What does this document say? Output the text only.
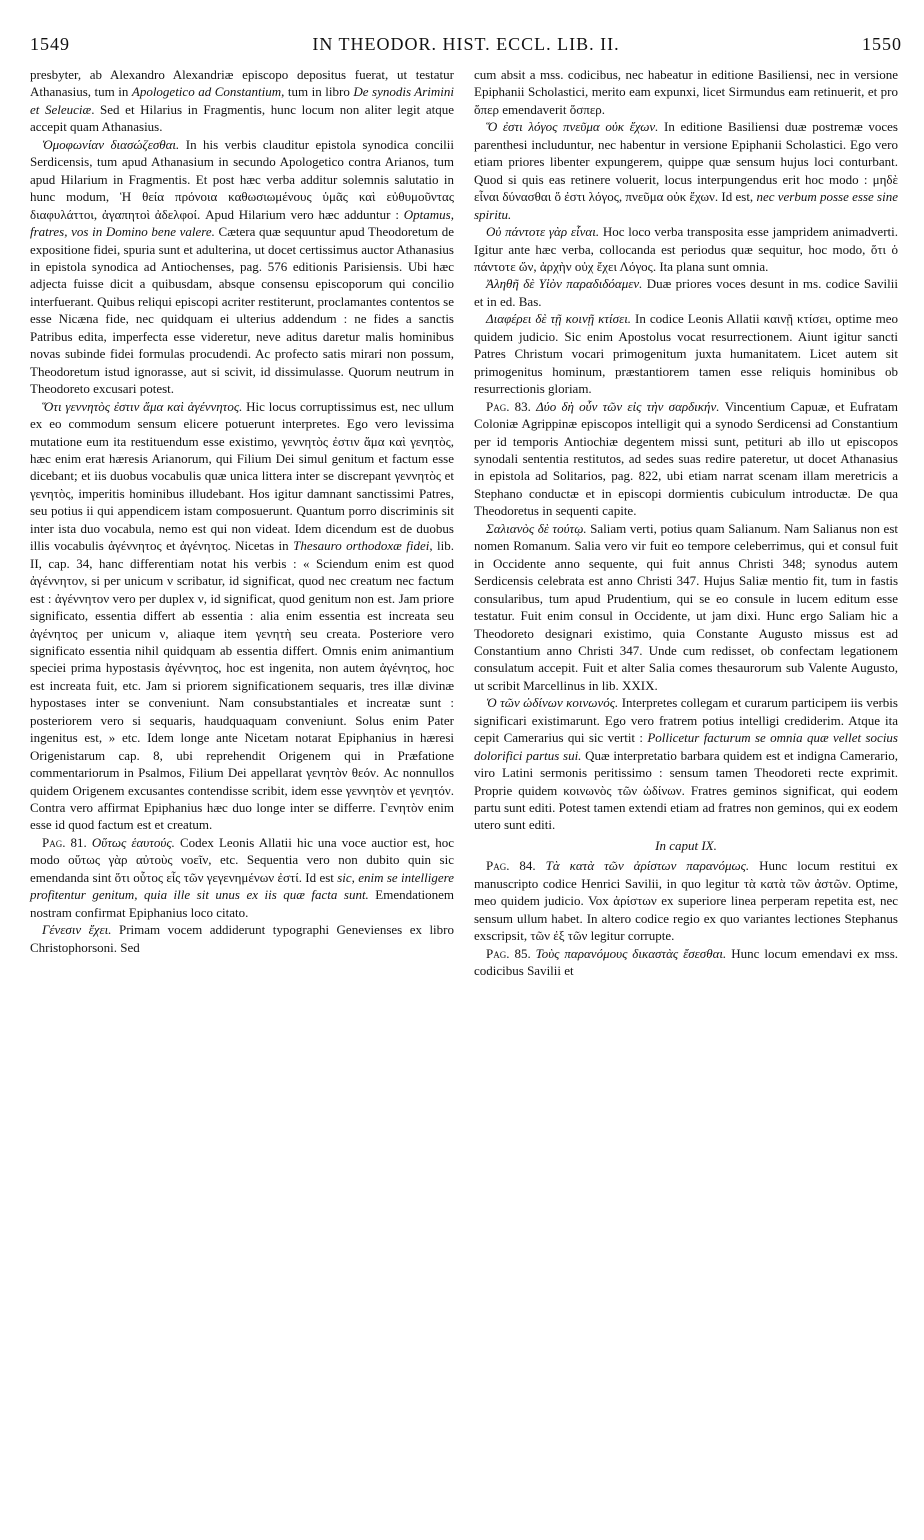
1549	IN THEODOR. HIST. ECCL. LIB. II.	1550

presbyter, ab Alexandro Alexandriæ episcopo depositus fuerat, ut testatur Athanasius, tum in Apologetico ad Constantium, tum in libro De synodis Arimini et Seleuciæ. Sed et Hilarius in Fragmentis, hunc locum non aliter legit atque accepit quam Athanasius.

Ὁμοφωνίαν διασώζεσθαι. In his verbis clauditur epistola synodica concilii Serdicensis, tum apud Athanasium in secundo Apologetico contra Arianos, tum apud Hilarium in Fragmentis. Et post hæc verba additur solemnis salutatio in hunc modum, Ἡ θεία πρόνοια καθωσιωμένους ὑμᾶς καὶ εὐθυμοῦντας διαφυλάττοι, ἀγαπητοὶ ἀδελφοί. Apud Hilarium vero hæc adduntur : Optamus, fratres, vos in Domino bene valere. Cætera quæ sequuntur apud Theodoretum de expositione fidei, spuria sunt et adulterina, ut docet certissimus auctor Athanasius in epistola synodica ad Antiochenses, pag. 576 editionis Parisiensis. Ubi hæc adjecta fuisse dicit a quibusdam, absque consensu episcoporum qui concilio interfuerant. Quibus reliqui episcopi acriter restiterunt, proclamantes contentos se esse Nicæna fide, nec quidquam ei ulterius addendum : ne fides a sanctis Patribus edita, imperfecta esse videretur, neve aditus daretur malis hominibus novas subinde fidei formulas procudendi. Ac profecto satis mirari non possum, Theodoretum istud ignorasse, aut si scivit, id dissimulasse. Quorum neutrum in Theodoreto excusari potest.

Ὅτι γεννητὸς ἐστιν ἅμα καὶ ἀγέννητος. Hic locus corruptissimus est, nec ullum ex eo commodum sensum elicere potuerunt interpretes. Ego vero levissima mutatione eum ita restituendum esse existimo, γεννητὸς ἐστιν ἅμα καὶ γενητὸς, hæc enim erat hæresis Arianorum, qui Filium Dei simul genitum et factum esse dicebant; et iis duobus vocabulis quæ unica littera inter se discrepant γεννητὸς et γενητὸς, imperitis hominibus illudebant. Hos igitur damnant sanctissimi Patres, seu potius ii qui appendicem istam composuerunt. Quantum porro discriminis sit inter ista duo vocabula, nemo est qui non videat. Idem dicendum est de duobus illis vocabulis ἀγέννητος et ἀγένητος. Nicetas in Thesauro orthodoxæ fidei, lib. II, cap. 34, hanc differentiam notat his verbis : « Sciendum enim est quod ἀγέννητον, si per unicum ν scribatur, id significat, quod nec creatum nec factum est : ἀγέννητον vero per duplex ν, id significat, quod genitum non est. Jam priore significato, essentia differt ab essentia : alia enim essentia est increata seu ἀγένητος per unicum ν, aliaque item γενητὴ seu creata. Posteriore vero significato essentia nihil quidquam ab essentia differt. Omnis enim animantium speciei prima hypostasis ἀγέννητος, hoc est ingenita, non autem ἀγένητος, hoc est increata fuit, etc. Jam si priorem significationem sequaris, tres illæ divinæ hypostases inter se conveniunt. Nam consubstantiales et increatæ sunt : posteriorem vero si sequaris, haudquaquam conveniunt. Solus enim Pater ingenitus est, » etc. Idem longe ante Nicetam notarat Epiphanius in hæresi Origenistarum cap. 8, ubi reprehendit Origenem qui in Præfatione commentariorum in Psalmos, Filium Dei appellarat γενητὸν θεόν. Ac nonnullos quidem Origenem excusantes contendisse scribit, idem esse γεννητὸν et γενητόν. Contra vero affirmat Epiphanius hæc duo longe inter se differre. Γενητὸν enim esse id quod factum est et creatum.

Pag. 81. Οὕτως ἑαυτούς. Codex Leonis Allatii hic una voce auctior est, hoc modo οὕτως γὰρ αὐτοὺς νοεῖν, etc. Sequentia vero non dubito quin sic emendanda sint ὅτι οὗτος εἷς τῶν γεγενημένων ἐστί. Id est sic, enim se intelligere profitentur genitum, quia ille sit unus ex iis quæ facta sunt. Emendationem nostram confirmat Epiphanius loco citato.

Γένεσιν ἔχει. Primam vocem addiderunt typographi Genevienses ex libro Christophorsoni. Sed

cum absit a mss. codicibus, nec habeatur in editione Basiliensi, nec in versione Epiphanii Scholastici, merito eam expunxi, licet Sirmundus eam retinuerit, et pro ὅπερ emendaverit ὅσπερ.

Ὅ ἐστι λόγος πνεῦμα οὐκ ἔχων. In editione Basiliensi duæ postremæ voces parenthesi includuntur, nec habentur in versione Epiphanii Scholastici. Ego vero etiam priores libenter expungerem, quippe quæ sensum hujus loci conturbant. Quod si quis eas retinere voluerit, locus interpungendus erit hoc modo : μηδὲ εἶναι δύνασθαι ὅ ἐστι λόγος, πνεῦμα οὐκ ἔχων. Id est, nec verbum posse esse sine spiritu.

Οὐ πάντοτε γὰρ εἶναι. Hoc loco verba transposita esse jampridem animadverti. Igitur ante hæc verba, collocanda est periodus quæ sequitur, hoc modo, ὅτι ὁ πάντοτε ὤν, ἀρχὴν οὐχ ἔχει Λόγος. Ita plana sunt omnia.

Ἀληθῆ δὲ Υἱὸν παραδιδόαμεν. Duæ priores voces desunt in ms. codice Savilii et in ed. Bas.

Διαφέρει δὲ τῇ κοινῇ κτίσει. In codice Leonis Allatii καινῇ κτίσει, optime meo quidem judicio. Sic enim Apostolus vocat resurrectionem. Aiunt igitur sancti Patres Christum vocari primogenitum juxta humanitatem. Licet autem sit primogenitus hominum, præstantiorem tamen esse reliquis hominibus ob resurrectionis gloriam.

Pag. 83. Δύο δὴ οὖν τῶν εἰς τὴν σαρδικήν. Vincentium Capuæ, et Eufratam Coloniæ Agrippinæ episcopos intelligit qui a synodo Serdicensi ad Constantium per id temporis Antiochiæ degentem missi sunt, petituri ab illo ut episcopos synodali sententia restitutos, ad sedes suas redire pateretur, ut docet Athanasius in epistola ad Solitarios, pag. 822, ubi etiam narrat scenam illam meretricis a Stephano conductæ et in episcopi dormientis cubiculum introductæ. De qua Theodoretus in sequenti capite.

Σαλιανὸς δὲ τούτῳ. Saliam verti, potius quam Salianum. Nam Salianus non est nomen Romanum. Salia vero vir fuit eo tempore celeberrimus, qui et consul fuit in Occidente anno sequente, qui fuit annus Christi 348; synodus autem Serdicensis celebrata est anno Christi 347. Hujus Saliæ mentio fit, tum in fastis consularibus, tum apud Prudentium, qui se eo consule in lucem editum esse testatur. Fuit enim consul in Occidente, ut jam dixi. Hunc ergo Saliam hic a Theodoreto designari existimo, quia Constante Augusto missus est ad Constantium anno Christi 347. Unde cum redisset, ob confectam legationem consulatum accepit. Fuit et alter Salia comes thesaurorum sub Valente Augusto, ut scribit Marcellinus in lib. XXIX.

Ὁ τῶν ὠδίνων κοινωνός. Interpretes collegam et curarum participem iis verbis significari existimarunt. Ego vero fratrem potius intelligi crediderim. Atque ita cepit Camerarius qui sic vertit : Pollicetur facturum se omnia quæ vellet socius dolorifici partus sui. Quæ interpretatio barbara quidem est et indigna Camerario, viro Latini sermonis peritissimo : sensum tamen Theodoreti recte exprimit. Proprie quidem κοινωνὸς τῶν ὠδίνων. Fratres geminos significat, qui eodem partu sunt editi. Potest tamen extendi etiam ad fratres non geminos, qui ex eodem utero sunt editi.

In caput IX.

Pag. 84. Τὰ κατὰ τῶν ἀρίστων παρανόμως. Hunc locum restitui ex manuscripto codice Henrici Savilii, in quo legitur τὰ κατὰ τῶν ἀστῶν. Optime, meo quidem judicio. Vox ἀρίστων ex superiore linea perperam repetita est, nec sensum ullum habet. In altero codice regio ex quo variantes lectiones Stephanus exscripsit, τῶν ἐξ τῶν legitur corrupte.

Pag. 85. Τοὺς παρανόμους δικαστὰς ἔσεσθαι. Hunc locum emendavi ex mss. codicibus Savilii et
